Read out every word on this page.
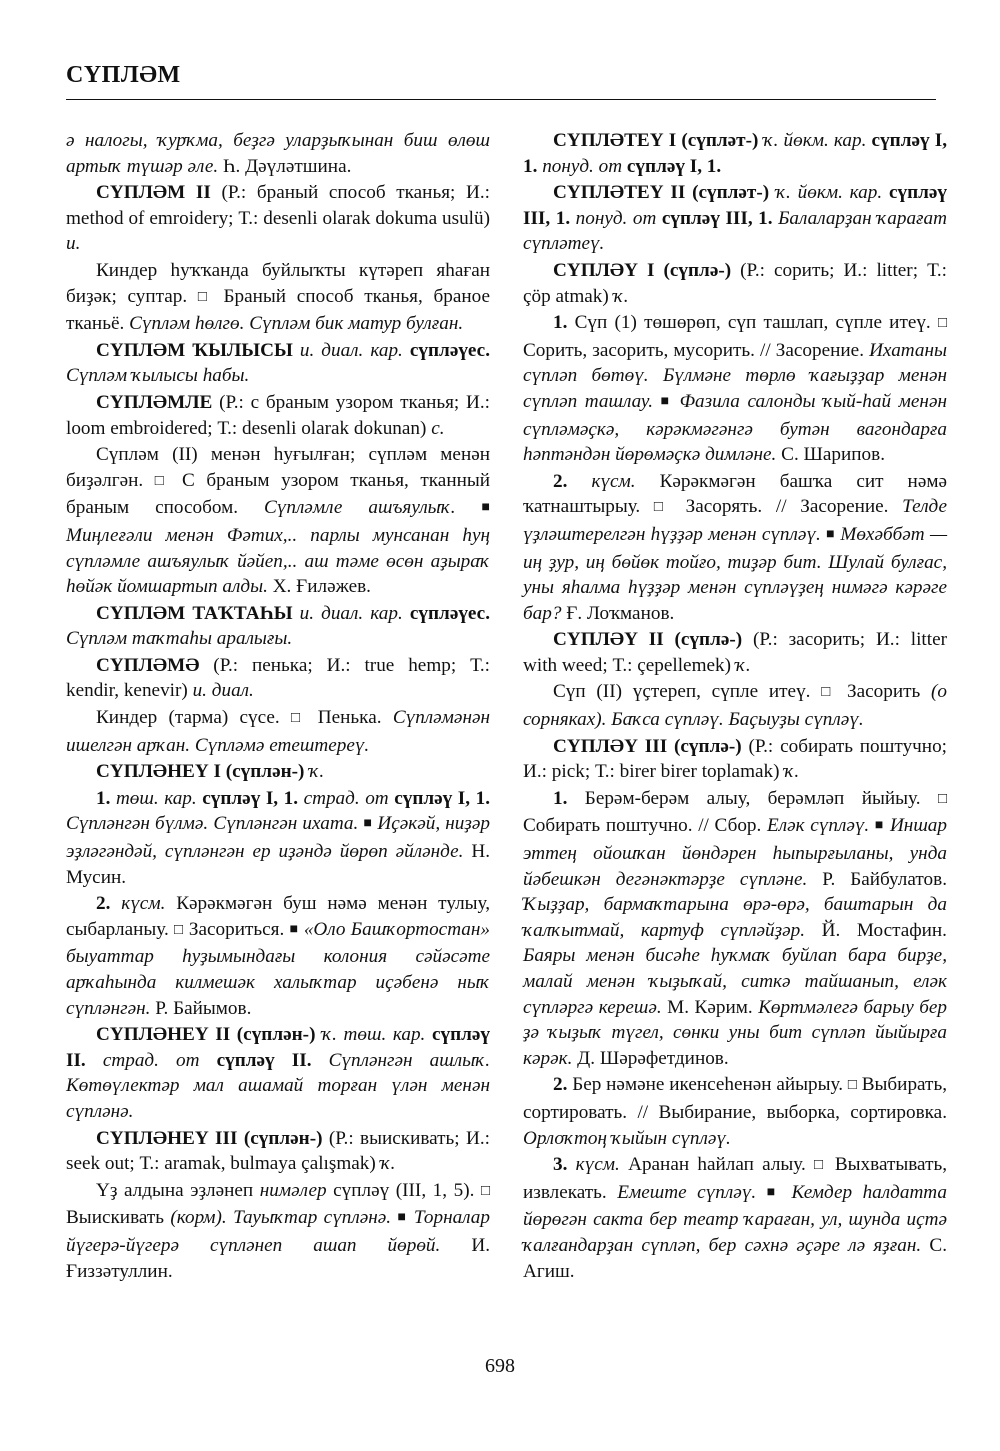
СҮПЛӘМ

ә налогы, ҡурҡма, беҙгә уларҙыҡынан биш өлөш артыҡ түшәр әле. Һ. Дәүләтшина.

СҮПЛӘМ II (Р.: браный способ тканья; И.: method of emroidery; Т.: desenli olarak dokuma usulü) и.

Киндер һуҡҡанда буйлыҡты күтәреп яһаған биҙәк; суптар. □ Браный способ тканья, браное тканьё. Сүпләм һөлгө. Сүпләм бик матур булған.

СҮПЛӘМ ҠЫЛЫСЫ и. диал. кар. сүпләүес. Сүпләм ҡылысы һабы.

СҮПЛӘМЛЕ (Р.: с браным узором тканья; И.: loom embroidered; Т.: desenli olarak dokunan) с.

Сүпләм (II) менән һуғылған; сүпләм менән биҙәлгән. □ С браным узором тканья, тканный браным способом. Сүпләмле ашъяулыҡ. ■ Миңлеғәли менән Фәтих,.. парлы мунсанан һуң сүпләмле ашъяулыҡ йәйеп,.. аш тәме өсөн аҙыраҡ һөйәк йомшартып алды. Х. Ғиләжев.

СҮПЛӘМ ТАҠТАҺЫ и. диал. кар. сүпләүес. Сүпләм таҡтаһы аралығы.

СҮПЛӘМӘ (Р.: пенька; И.: true hemp; Т.: kendir, kenevir) и. диал.

Киндер (тарма) сүсе. □ Пенька. Сүпләмәнән ишелгән арҡан. Сүпләмә етештереү.

СҮПЛӘНЕҮ I (сүплән-) ҡ.

1. төш. кар. сүпләү I, 1. страд. от сүпләү I, 1. Сүпләнгән бүлмә. Сүпләнгән ихата. ■ Иҫәкәй, ниҙәр эҙләгәндәй, сүпләнгән ер иҙәндә йөрөп әйләнде. Н. Мусин.

2. күсм. Кәрәкмәгән буш нәмә менән тулыу, сыбарланыу. □ Засориться. ■ «Оло Башҡортостан» быуаттар һуҙымындағы колония сәйәсәте арҡаһында килмешәк халыҡтар иҫәбенә ныҡ сүпләнгән. Р. Байымов.

СҮПЛӘНЕҮ II (сүплән-) ҡ. төш. кар. сүпләү II. страд. от сүпләү II. Сүпләнгән ашлыҡ. Көтөүлектәр мал ашамай торған үлән менән сүпләнә.

СҮПЛӘНЕҮ III (сүплән-) (Р.: выискивать; И.: seek out; Т.: aramak, bulmaya çalışmak) ҡ.

Үҙ алдына эҙләнеп нимәлер сүпләү (III, 1, 5). □ Выискивать (корм). Тауыҡтар сүпләнә. ■ Торналар йүгерә-йүгерә сүпләнеп ашап йөрөй. И. Ғиззәтуллин.

СҮПЛӘТЕҮ I (сүпләт-) ҡ. йөкм. кар. сүпләү I, 1. понуд. от сүпләү I, 1.

СҮПЛӘТЕҮ II (сүпләт-) ҡ. йөкм. кар. сүпләү III, 1. понуд. от сүпләү III, 1. Балаларҙан ҡарағат сүпләтеү.

СҮПЛӘҮ I (сүплә-) (Р.: сорить; И.: litter; Т.: çöp atmak) ҡ.

1. Сүп (1) төшөрөп, сүп ташлап, сүпле итеү. □ Сорить, засорить, мусорить. // Засорение. Ихатаны сүпләп бөтөү. Бүлмәне төрлө ҡағыҙҙар менән сүпләп ташлау. ■ Фазила салонды ҡый-һай менән сүпләмәҫкә, кәрәкмәгәнгә бутән вагондарға һәптәндән йөрөмәҫкә димләне. С. Шарипов.

2. күсм. Кәрәкмәгән башҡа сит нәмә ҡатнаштырыу. □ Засорять. // Засорение. Телде үҙләштерелгән һүҙҙәр менән сүпләү. ■ Мөхәббәт — иң ҙур, иң бөйөк тойғо, тиҙәр бит. Шулай булғас, уны яһалма һүҙҙәр менән сүпләүҙең нимәгә кәрәге бар? Ғ. Лоҡманов.

СҮПЛӘҮ II (сүплә-) (Р.: засорить; И.: litter with weed; Т.: çepellemek) ҡ.

Сүп (II) үҫтереп, сүпле итеү. □ Засорить (о сорняках). Баҡса сүпләү. Баҫыуҙы сүпләү.

СҮПЛӘҮ III (сүплә-) (Р.: собирать поштучно; И.: pick; Т.: birer birer toplamak) ҡ.

1. Берәм-берәм алыу, берәмләп йыйыу. □ Собирать поштучно. // Сбор. Еләк сүпләү. ■ Иншар эттең ойошҡан йөндәрен һыпырғыланы, унда йәбешкән дегәнәктәрҙе сүпләне. Р. Байбулатов. Ҡыҙҙар, бармаҡтарына өрә-өрә, баштарын да ҡалҡытмай, картуф сүпләйҙәр. Й. Мостафин. Баяры менән бисәһе һуҡмаҡ буйлап бара бирҙе, малай менән ҡыҙыҡай, ситкә тайшанып, еләк сүпләргә керешә. М. Кәрим. Көртмәлегә барыу бер ҙә ҡыҙыҡ түгел, сөнки уны бит сүпләп йыйырға кәрәк. Д. Шәрәфетдинов.

2. Бер нәмәне икенсеһенән айырыу. □ Выбирать, сортировать. // Выбирание, выборка, сортировка. Орлоҡтоң ҡыйын сүпләү.

3. күсм. Аранан һайлап алыу. □ Выхватывать, извлекать. Емеште сүпләү. ■ Кемдер һалдатта йөрөгән сакта бер театр ҡараған, ул, шунда иҫтә ҡалғандарҙан сүпләп, бер сәхнә әҫәре лә яҙған. С. Агиш.

698
